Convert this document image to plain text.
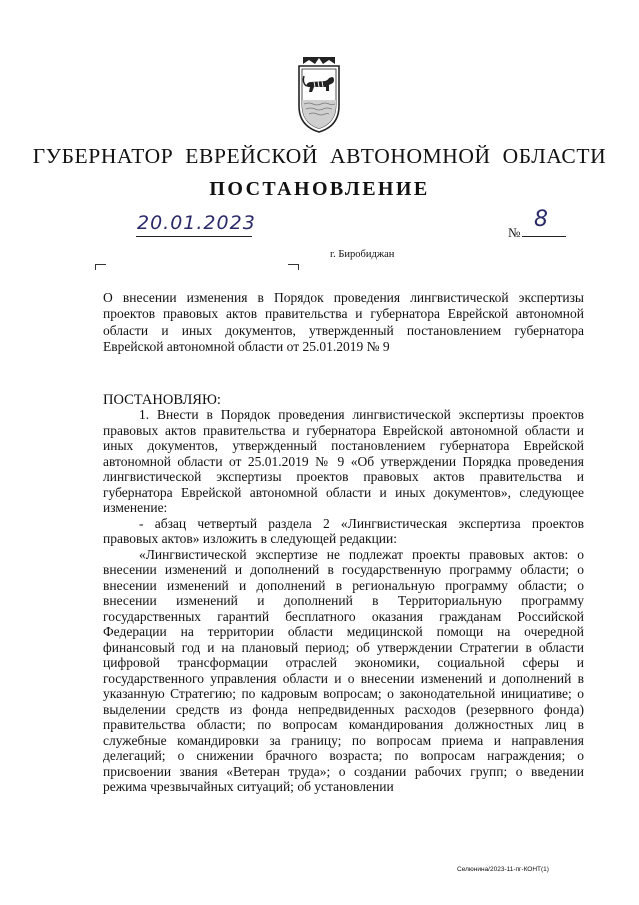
ГУБЕРНАТОР ЕВРЕЙСКОЙ АВТОНОМНОЙ ОБЛАСТИ
ПОСТАНОВЛЕНИЕ
20.01.2023	№
8
г. Биробиджан
О внесении изменения в Порядок проведения лингвистической экспертизы проектов правовых актов правительства и губернатора Еврейской автономной области и иных документов, утвержденный постановлением губернатора Еврейской автономной области от 25.01.2019 № 9
ПОСТАНОВЛЯЮ:

1. Внести в Порядок проведения лингвистической экспертизы проектов правовых актов правительства и губернатора Еврейской автономной области и иных документов, утвержденный постановлением губернатора Еврейской автономной области от 25.01.2019 № 9 «Об утверждении Порядка проведения лингвистической экспертизы проектов правовых актов правительства и губернатора Еврейской автономной области и иных документов», следующее изменение:

- абзац четвертый раздела 2 «Лингвистическая экспертиза проектов правовых актов» изложить в следующей редакции:

«Лингвистической экспертизе не подлежат проекты правовых актов: о внесении изменений и дополнений в государственную программу области; о внесении изменений и дополнений в региональную программу области; о внесении изменений и дополнений в Территориальную программу государственных гарантий бесплатного оказания гражданам Российской Федерации на территории области медицинской помощи на очередной финансовый год и на плановый период; об утверждении Стратегии в области цифровой трансформации отраслей экономики, социальной сферы и государственного управления области и о внесении изменений и дополнений в указанную Стратегию; по кадровым вопросам; о законодательной инициативе; о выделении средств из фонда непредвиденных расходов (резервного фонда) правительства области; по вопросам командирования должностных лиц в служебные командировки за границу; по вопросам приема и направления делегаций; о снижении брачного возраста; по вопросам награждения; о присвоении звания «Ветеран труда»; о создании рабочих групп; о введении режима чрезвычайных ситуаций; об установлении

Селюнина/2023-11-пг-КОНТ(1)
